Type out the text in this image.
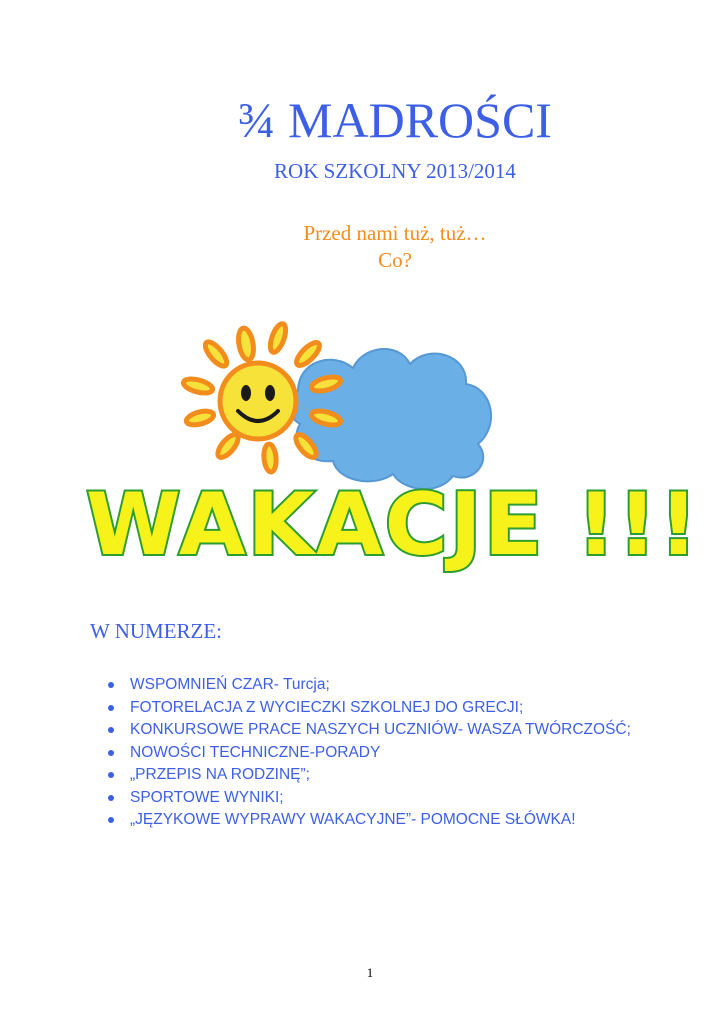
¾ MADROŚCI
ROK SZKOLNY 2013/2014
Przed nami tuż, tuż…
Co?
WAKACJE !!!
W NUMERZE:
WSPOMNIEŃ CZAR- Turcja;
FOTORELACJA Z WYCIECZKI SZKOLNEJ DO GRECJI;
KONKURSOWE PRACE NASZYCH UCZNIÓW- WASZA TWÓRCZOŚĆ;
NOWOŚCI TECHNICZNE-PORADY
„PRZEPIS NA RODZINĘ”;
SPORTOWE WYNIKI;
„JĘZYKOWE WYPRAWY WAKACYJNE”- POMOCNE SŁÓWKA!
1
